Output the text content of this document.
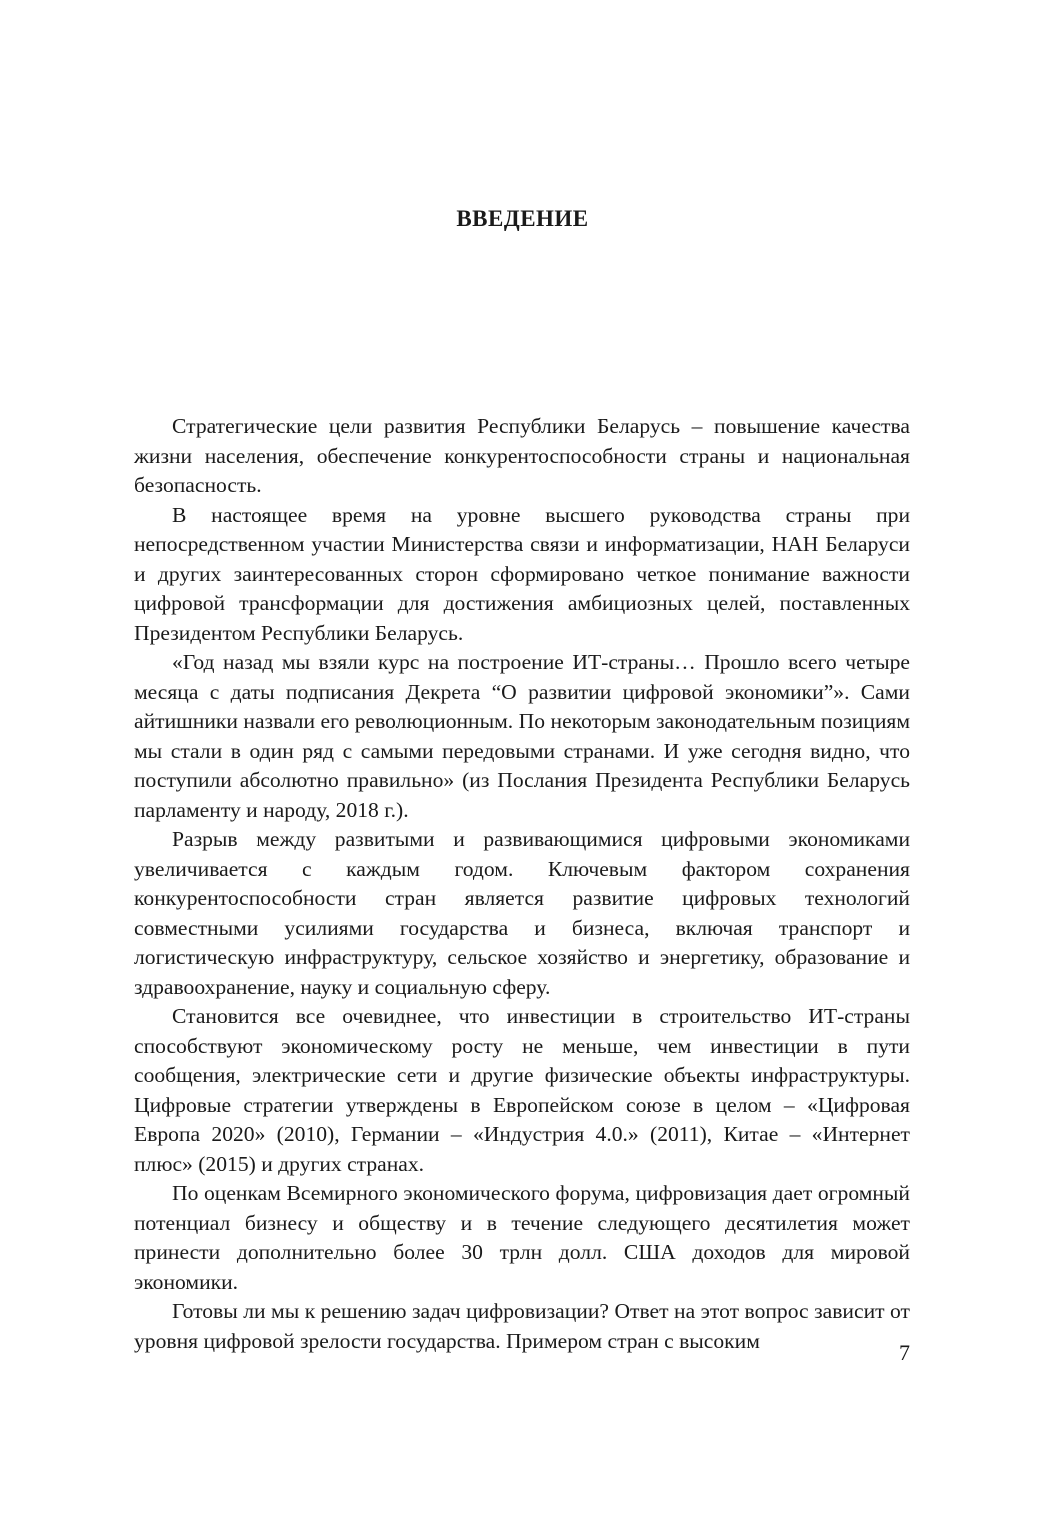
ВВЕДЕНИЕ

Стратегические цели развития Республики Беларусь – повышение качества жизни населения, обеспечение конкурентоспособности страны и национальная безопасность.

В настоящее время на уровне высшего руководства страны при непосредственном участии Министерства связи и информатизации, НАН Беларуси и других заинтересованных сторон сформировано четкое понимание важности цифровой трансформации для достижения амбициозных целей, поставленных Президентом Республики Беларусь.

«Год назад мы взяли курс на построение ИТ-страны… Прошло всего четыре месяца с даты подписания Декрета “О развитии цифровой экономики”». Сами айтишники назвали его революционным. По некоторым законодательным позициям мы стали в один ряд с самыми передовыми странами. И уже сегодня видно, что поступили абсолютно правильно» (из Послания Президента Республики Беларусь парламенту и народу, 2018 г.).

Разрыв между развитыми и развивающимися цифровыми экономиками увеличивается с каждым годом. Ключевым фактором сохранения конкурентоспособности стран является развитие цифровых технологий совместными усилиями государства и бизнеса, включая транспорт и логистическую инфраструктуру, сельское хозяйство и энергетику, образование и здравоохранение, науку и социальную сферу.

Становится все очевиднее, что инвестиции в строительство ИТ-страны способствуют экономическому росту не меньше, чем инвестиции в пути сообщения, электрические сети и другие физические объекты инфраструктуры. Цифровые стратегии утверждены в Европейском союзе в целом – «Цифровая Европа 2020» (2010), Германии – «Индустрия 4.0.» (2011), Китае – «Интернет плюс» (2015) и других странах.

По оценкам Всемирного экономического форума, цифровизация дает огромный потенциал бизнесу и обществу и в течение следующего десятилетия может принести дополнительно более 30 трлн долл. США доходов для мировой экономики.

Готовы ли мы к решению задач цифровизации? Ответ на этот вопрос зависит от уровня цифровой зрелости государства. Примером стран с высоким	7
